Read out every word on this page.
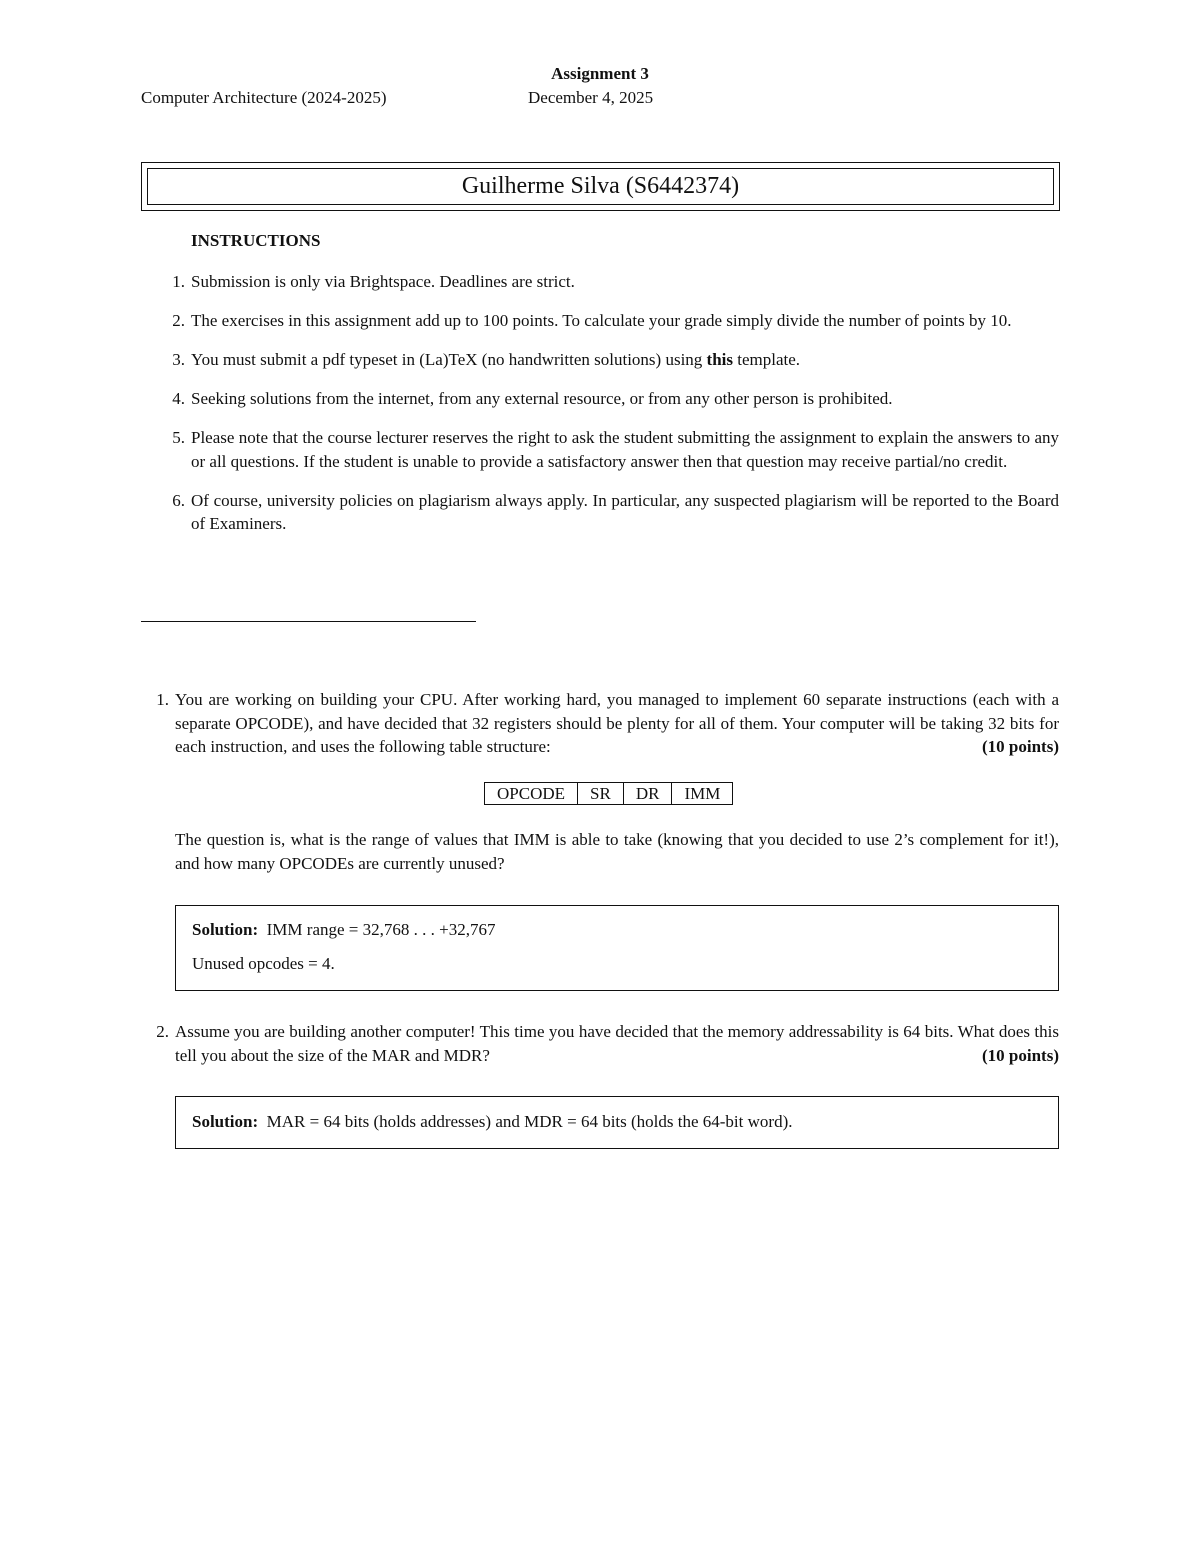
Assignment 3
Computer Architecture (2024-2025)	December 4, 2025
Guilherme Silva (S6442374)
INSTRUCTIONS
1. Submission is only via Brightspace. Deadlines are strict.
2. The exercises in this assignment add up to 100 points. To calculate your grade simply divide the number of points by 10.
3. You must submit a pdf typeset in (La)TeX (no handwritten solutions) using this template.
4. Seeking solutions from the internet, from any external resource, or from any other person is prohibited.
5. Please note that the course lecturer reserves the right to ask the student submitting the assignment to explain the answers to any or all questions. If the student is unable to provide a satisfactory answer then that question may receive partial/no credit.
6. Of course, university policies on plagiarism always apply. In particular, any suspected plagiarism will be reported to the Board of Examiners.
1. You are working on building your CPU. After working hard, you managed to implement 60 separate instructions (each with a separate OPCODE), and have decided that 32 registers should be plenty for all of them. Your computer will be taking 32 bits for each instruction, and uses the following table structure:	(10 points)
OPCODE	SR	DR	IMM
The question is, what is the range of values that IMM is able to take (knowing that you decided to use 2’s complement for it!), and how many OPCODEs are currently unused?
Solution: IMM range = 32,768 . . . +32,767
Unused opcodes = 4.
2. Assume you are building another computer! This time you have decided that the memory addressability is 64 bits. What does this tell you about the size of the MAR and MDR?	(10 points)
Solution: MAR = 64 bits (holds addresses) and MDR = 64 bits (holds the 64-bit word).
